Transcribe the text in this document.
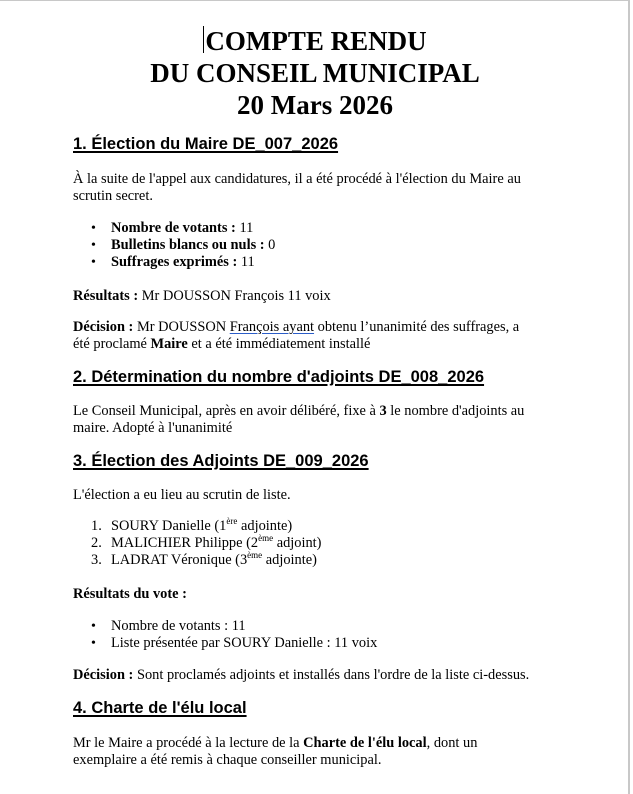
COMPTE RENDU
DU CONSEIL MUNICIPAL
20 Mars 2026
1. Élection du Maire DE_007_2026
À la suite de l'appel aux candidatures, il a été procédé à l'élection du Maire au
scrutin secret.
• Nombre de votants : 11
• Bulletins blancs ou nuls : 0
• Suffrages exprimés : 11
Résultats : Mr DOUSSON François 11 voix
Décision : Mr DOUSSON François ayant obtenu l’unanimité des suffrages, a
été proclamé Maire et a été immédiatement installé
2. Détermination du nombre d'adjoints DE_008_2026
Le Conseil Municipal, après en avoir délibéré, fixe à 3 le nombre d'adjoints au
maire. Adopté à l'unanimité
3. Élection des Adjoints DE_009_2026
L'élection a eu lieu au scrutin de liste.
1. SOURY Danielle (1ère adjointe)
2. MALICHIER Philippe (2ème adjoint)
3. LADRAT Véronique (3ème adjointe)
Résultats du vote :
• Nombre de votants : 11
• Liste présentée par SOURY Danielle : 11 voix
Décision : Sont proclamés adjoints et installés dans l'ordre de la liste ci-dessus.
4. Charte de l'élu local
Mr le Maire a procédé à la lecture de la Charte de l'élu local, dont un
exemplaire a été remis à chaque conseiller municipal.
